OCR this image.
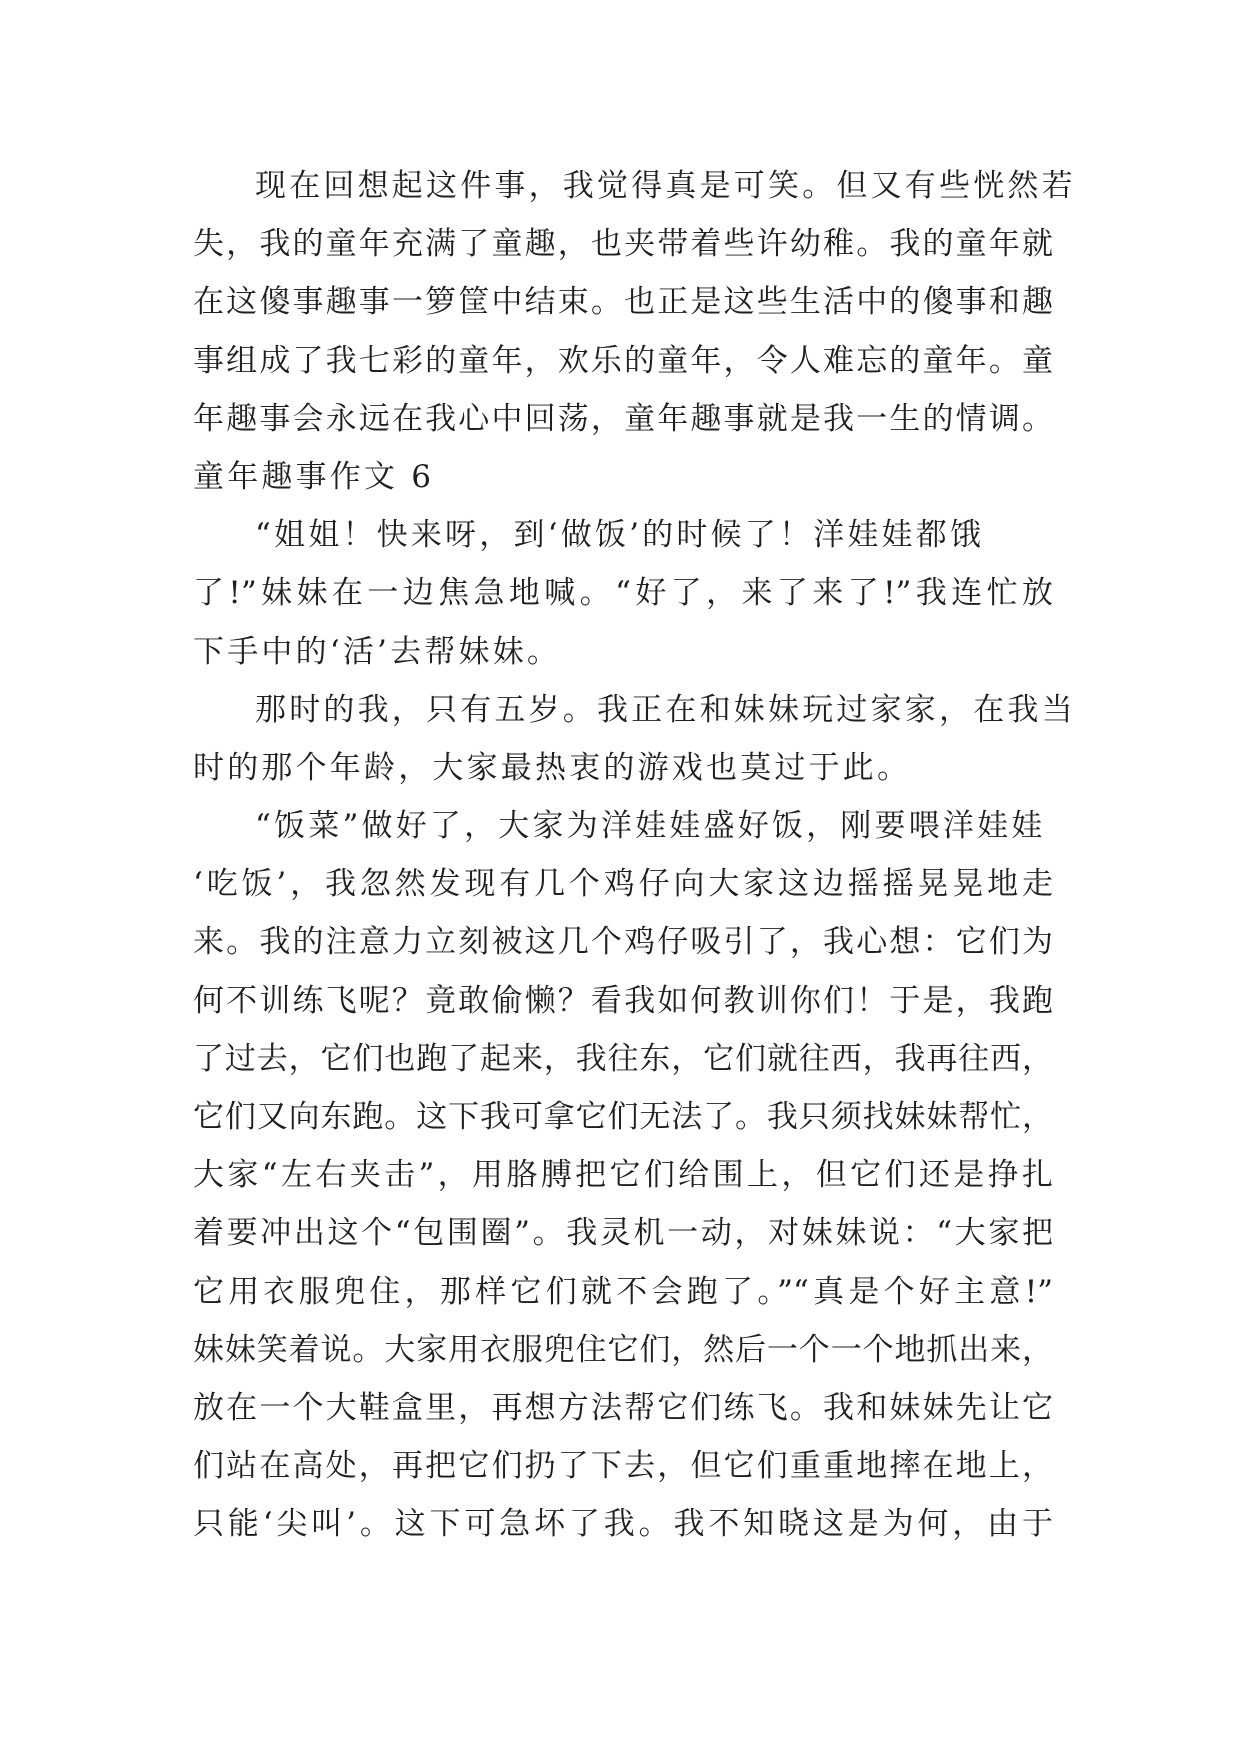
现在回想起这件事，我觉得真是可笑。但又有些恍然若
失，我的童年充满了童趣，也夹带着些许幼稚。我的童年就
在这傻事趣事一箩筐中结束。也正是这些生活中的傻事和趣
事组成了我七彩的童年，欢乐的童年，令人难忘的童年。童
年趣事会永远在我心中回荡，童年趣事就是我一生的情调。
童年趣事作文 6
“姐姐！快来呀，到‘做饭’的时候了！洋娃娃都饿
了!”妹妹在一边焦急地喊。“好了，来了来了!”我连忙放
下手中的‘活’去帮妹妹。
那时的我，只有五岁。我正在和妹妹玩过家家，在我当
时的那个年龄，大家最热衷的游戏也莫过于此。
“饭菜”做好了，大家为洋娃娃盛好饭，刚要喂洋娃娃
‘吃饭’，我忽然发现有几个鸡仔向大家这边摇摇晃晃地走
来。我的注意力立刻被这几个鸡仔吸引了，我心想：它们为
何不训练飞呢？竟敢偷懒？看我如何教训你们！于是，我跑
了过去，它们也跑了起来，我往东，它们就往西，我再往西，
它们又向东跑。这下我可拿它们无法了。我只须找妹妹帮忙，
大家“左右夹击”，用胳膊把它们给围上，但它们还是挣扎
着要冲出这个“包围圈”。我灵机一动，对妹妹说：“大家把
它用衣服兜住，那样它们就不会跑了。”“真是个好主意!”
妹妹笑着说。大家用衣服兜住它们，然后一个一个地抓出来，
放在一个大鞋盒里，再想方法帮它们练飞。我和妹妹先让它
们站在高处，再把它们扔了下去，但它们重重地摔在地上，
只能‘尖叫’。这下可急坏了我。我不知晓这是为何，由于
